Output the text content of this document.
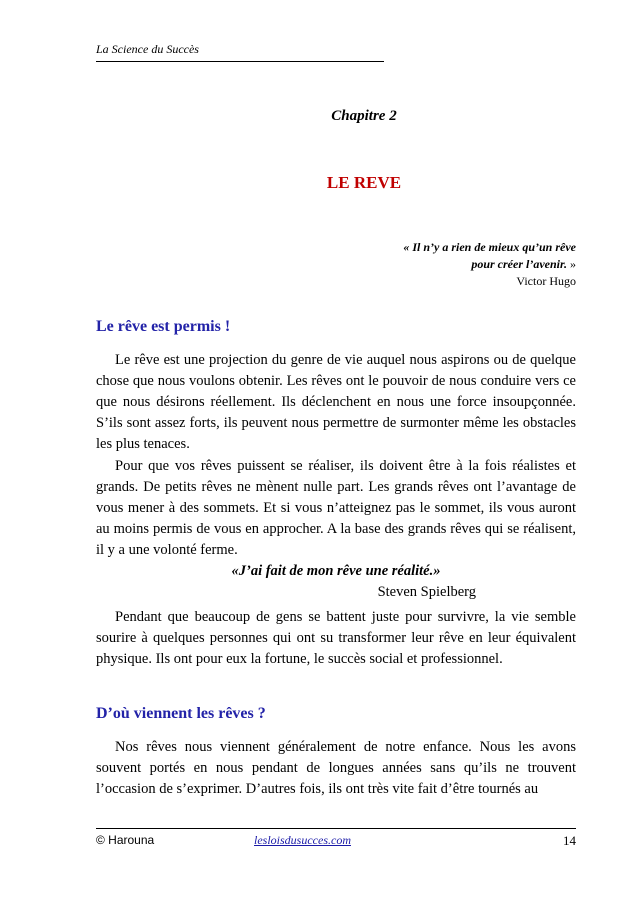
La Science du Succès
Chapitre 2
LE REVE
« Il n’y a rien de mieux qu’un rêve
pour créer l’avenir. »
Victor Hugo
Le rêve est permis !

Le rêve est une projection du genre de vie auquel nous aspirons ou de quelque chose que nous voulons obtenir. Les rêves ont le pouvoir de nous conduire vers ce que nous désirons réellement. Ils déclenchent en nous une force insoupçonnée. S’ils sont assez forts, ils peuvent nous permettre de surmonter même les obstacles les plus tenaces.

Pour que vos rêves puissent se réaliser, ils doivent être à la fois réalistes et grands. De petits rêves ne mènent nulle part. Les grands rêves ont l’avantage de vous mener à des sommets. Et si vous n’atteignez pas le sommet, ils vous auront au moins permis de vous en approcher. A la base des grands rêves qui se réalisent, il y a une volonté ferme.

«J’ai fait de mon rêve une réalité.»
Steven Spielberg

Pendant que beaucoup de gens se battent juste pour survivre, la vie semble sourire à quelques personnes qui ont su transformer leur rêve en leur équivalent physique. Ils ont pour eux la fortune, le succès social et professionnel.

D’où viennent les rêves ?

Nos rêves nous viennent généralement de notre enfance. Nous les avons souvent portés en nous pendant de longues années sans qu’ils ne trouvent l’occasion de s’exprimer. D’autres fois, ils ont très vite fait d’être tournés au

© Harouna	lesloisdusucces.com	14
